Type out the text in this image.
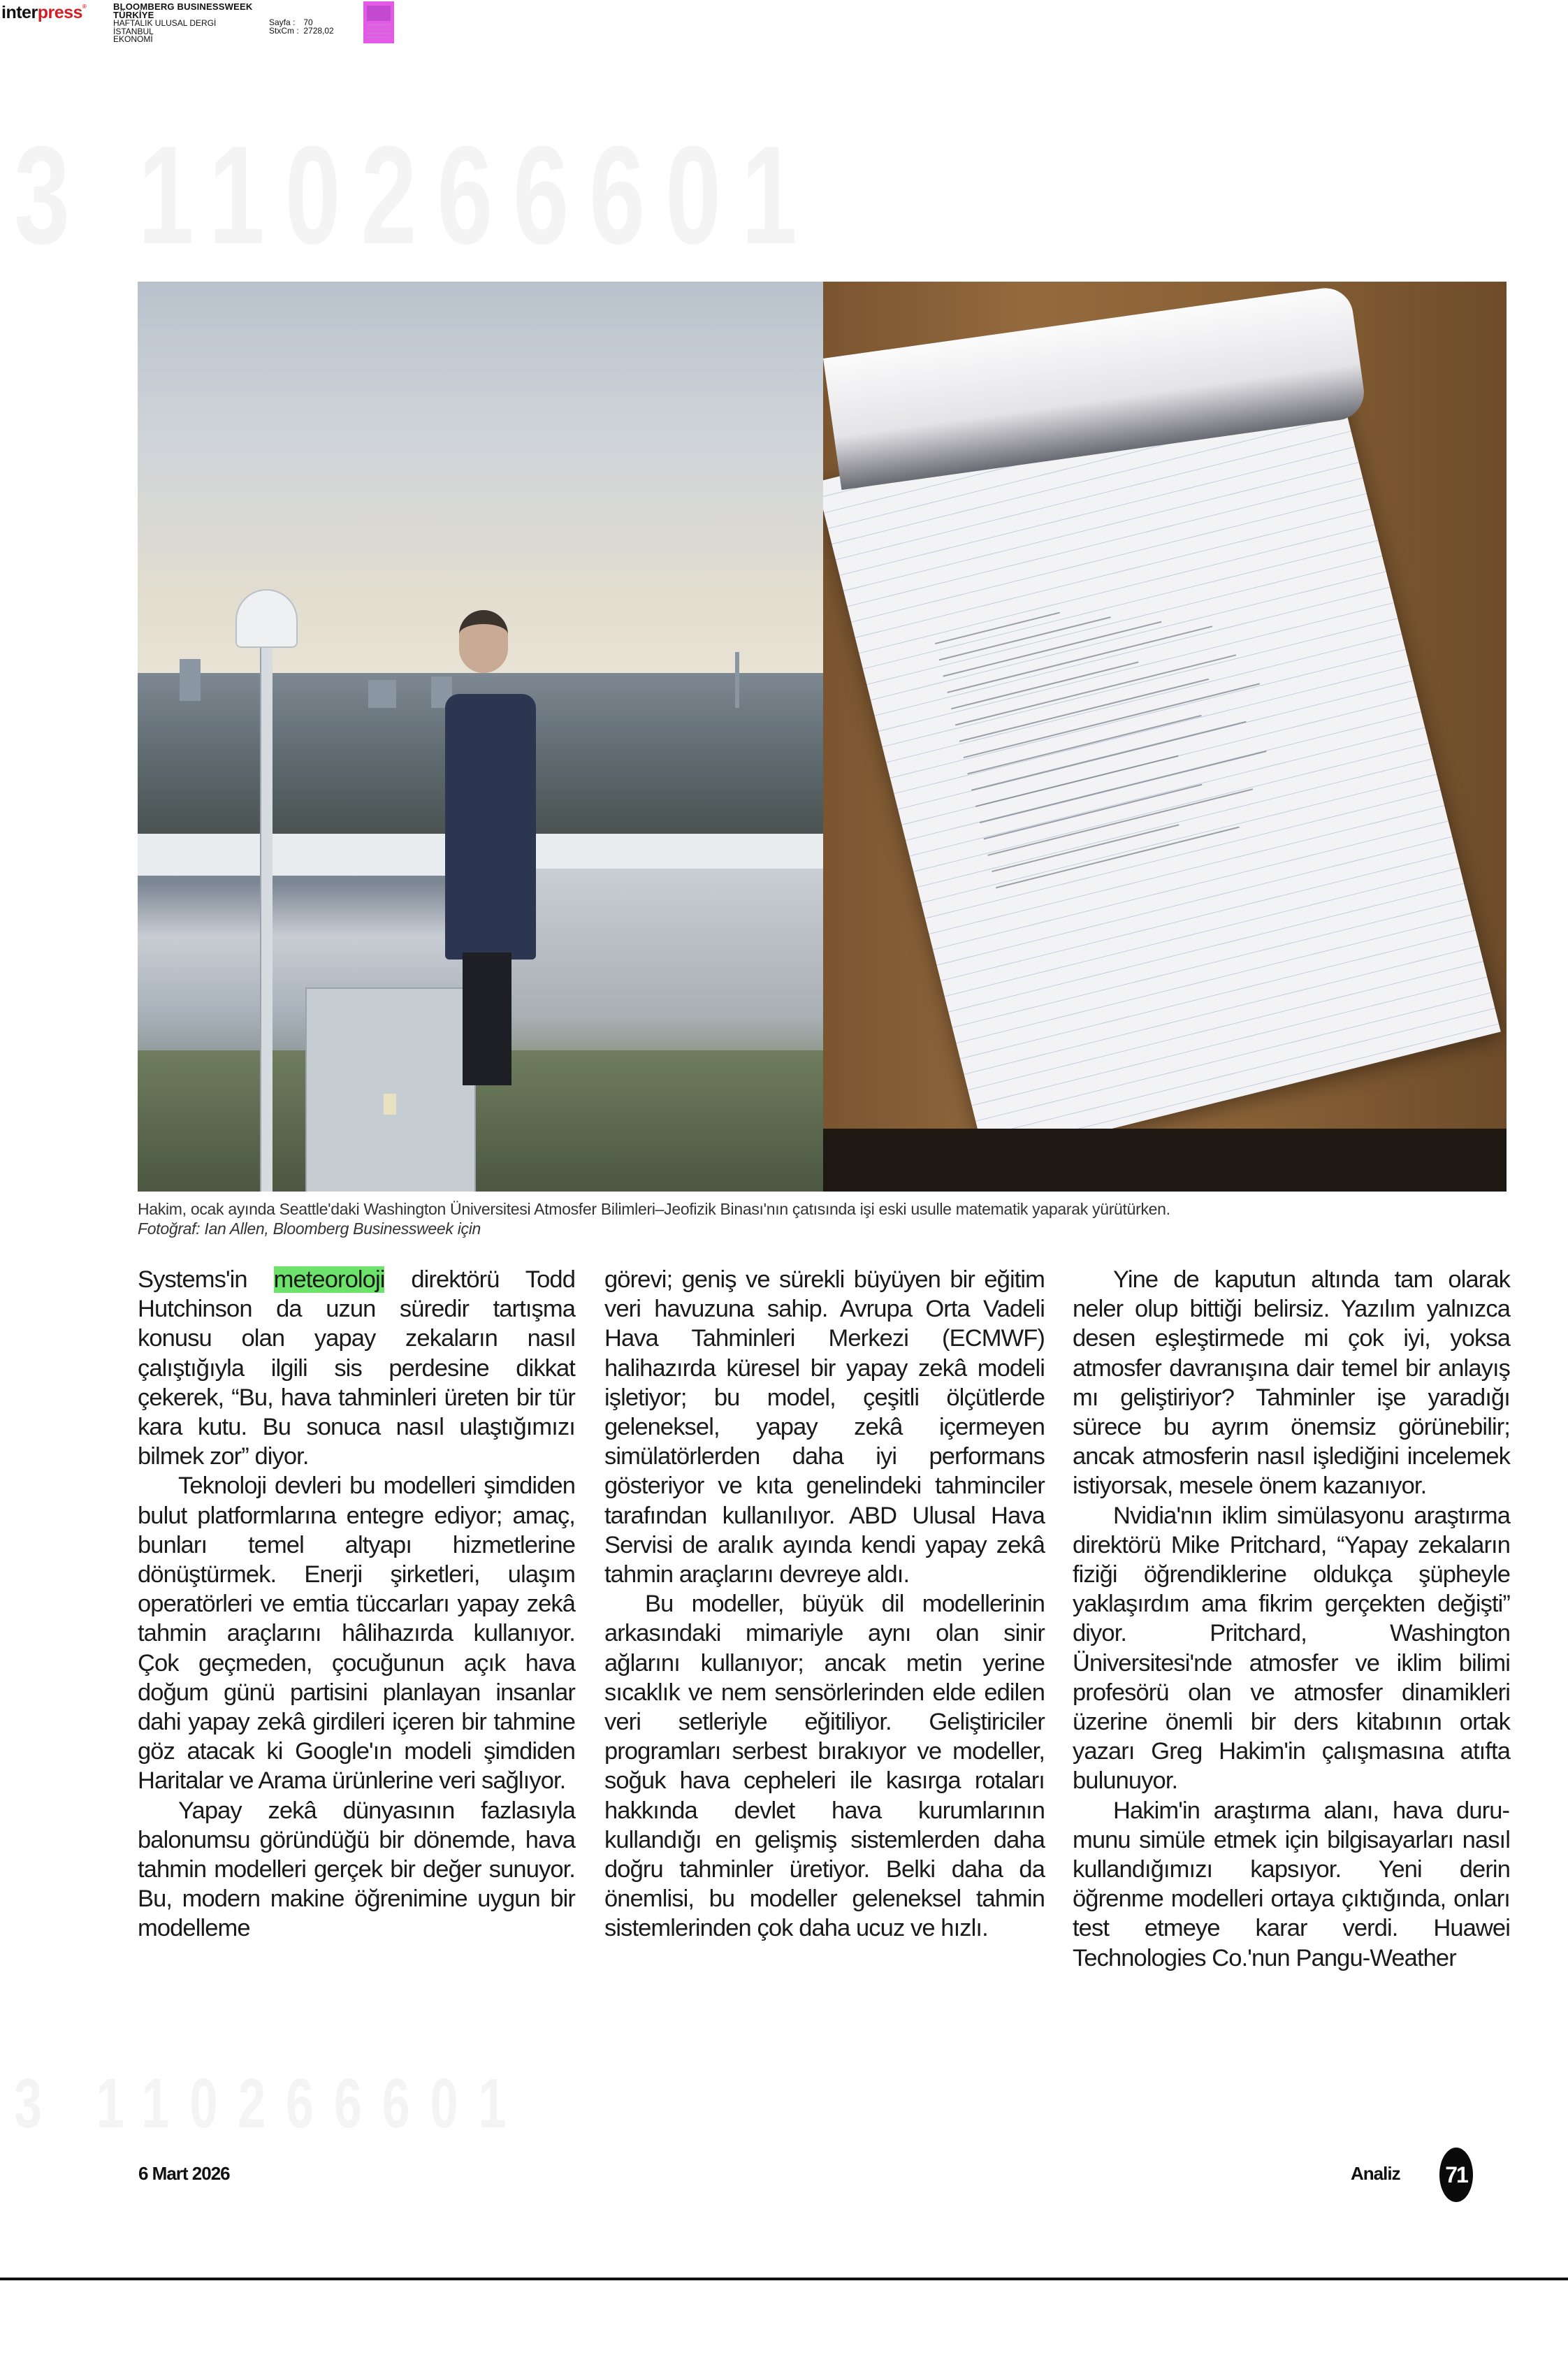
interpress®	BLOOMBERG BUSINESSWEEK TÜRKİYE
HAFTALIK ULUSAL DERGİ
İSTANBUL
EKONOMİ
Sayfa : 70
StxCm : 2728,02
3 110266601
3 110266601
Hakim, ocak ayında Seattle'daki Washington Üniversitesi Atmosfer Bilimleri–Jeofizik Binası'nın çatısında işi eski usulle matematik yaparak yürütürken.
Fotoğraf: Ian Allen, Bloomberg Businessweek için

Systems'in meteoroloji direktörü Todd Hutchinson da uzun süredir tartışma konusu olan yapay zekaların nasıl çalıştığıyla ilgili sis perdesine dikkat çekerek, “Bu, hava tahminleri üreten bir tür kara kutu. Bu sonuca nasıl ulaştığımızı bilmek zor” diyor.

Teknoloji devleri bu modelleri şimdiden bulut platformlarına entegre ediyor; amaç, bunları temel altyapı hizmetlerine dönüştürmek. Enerji şirketleri, ulaşım operatörleri ve emtia tüccarları yapay zekâ tahmin araçlarını hâlihazırda kullanıyor. Çok geçmeden, çocuğunun açık hava doğum günü partisini planlayan insanlar dahi yapay zekâ girdileri içeren bir tahmine göz atacak ki Google'ın modeli şimdiden Haritalar ve Arama ürünlerine veri sağlıyor.

Yapay zekâ dünyasının fazlasıyla balonumsu göründüğü bir dönemde, hava tahmin modelleri gerçek bir değer sunuyor. Bu, modern makine öğrenimine uygun bir modelleme

görevi; geniş ve sürekli büyüyen bir eğitim veri havuzuna sahip. Avrupa Orta Vadeli Hava Tahminleri Merkezi (ECMWF) halihazırda küresel bir yapay zekâ modeli işletiyor; bu model, çeşitli ölçütlerde geleneksel, yapay zekâ içermeyen simülatörlerden daha iyi performans gösteriyor ve kıta genelindeki tahminciler tarafından kullanılıyor. ABD Ulusal Hava Servisi de aralık ayında kendi yapay zekâ tahmin araçlarını devreye aldı.

Bu modeller, büyük dil modellerinin arkasındaki mimariyle aynı olan sinir ağlarını kullanıyor; ancak metin yerine sıcaklık ve nem sensörlerinden elde edilen veri setleriyle eğitiliyor. Geliştiriciler programları serbest bırakıyor ve modeller, soğuk hava cepheleri ile kasırga rotaları hakkında devlet hava kurumlarının kullandığı en gelişmiş sistemlerden daha doğru tahminler üretiyor. Belki daha da önemlisi, bu modeller geleneksel tahmin sistemlerinden çok daha ucuz ve hızlı.

Yine de kaputun altında tam olarak neler olup bittiği belirsiz. Yazılım yalnızca desen eşleştirmede mi çok iyi, yoksa atmosfer davranışına dair temel bir anlayış mı geliştiriyor? Tahminler işe yaradığı sürece bu ayrım önemsiz görünebilir; ancak atmosferin nasıl işlediğini incelemek istiyorsak, mesele önem kazanıyor.

Nvidia'nın iklim simülasyonu araştırma direktörü Mike Pritchard, “Yapay zekaların fiziği öğrendiklerine oldukça şüpheyle yaklaşırdım ama fikrim gerçekten değişti” diyor. Pritchard, Washington Üniversitesi'nde atmosfer ve iklim bilimi profesörü olan ve atmosfer dinamikleri üzerine önemli bir ders kitabının ortak yazarı Greg Hakim'in çalışmasına atıfta bulunuyor.

Hakim'in araştırma alanı, hava durumunu simüle etmek için bilgisayarları nasıl kullandığımızı kapsıyor. Yeni derin öğrenme modelleri ortaya çıktığında, onları test etmeye karar verdi. Huawei Technologies Co.'nun Pangu-Weather

6 Mart 2026	Analiz 71
